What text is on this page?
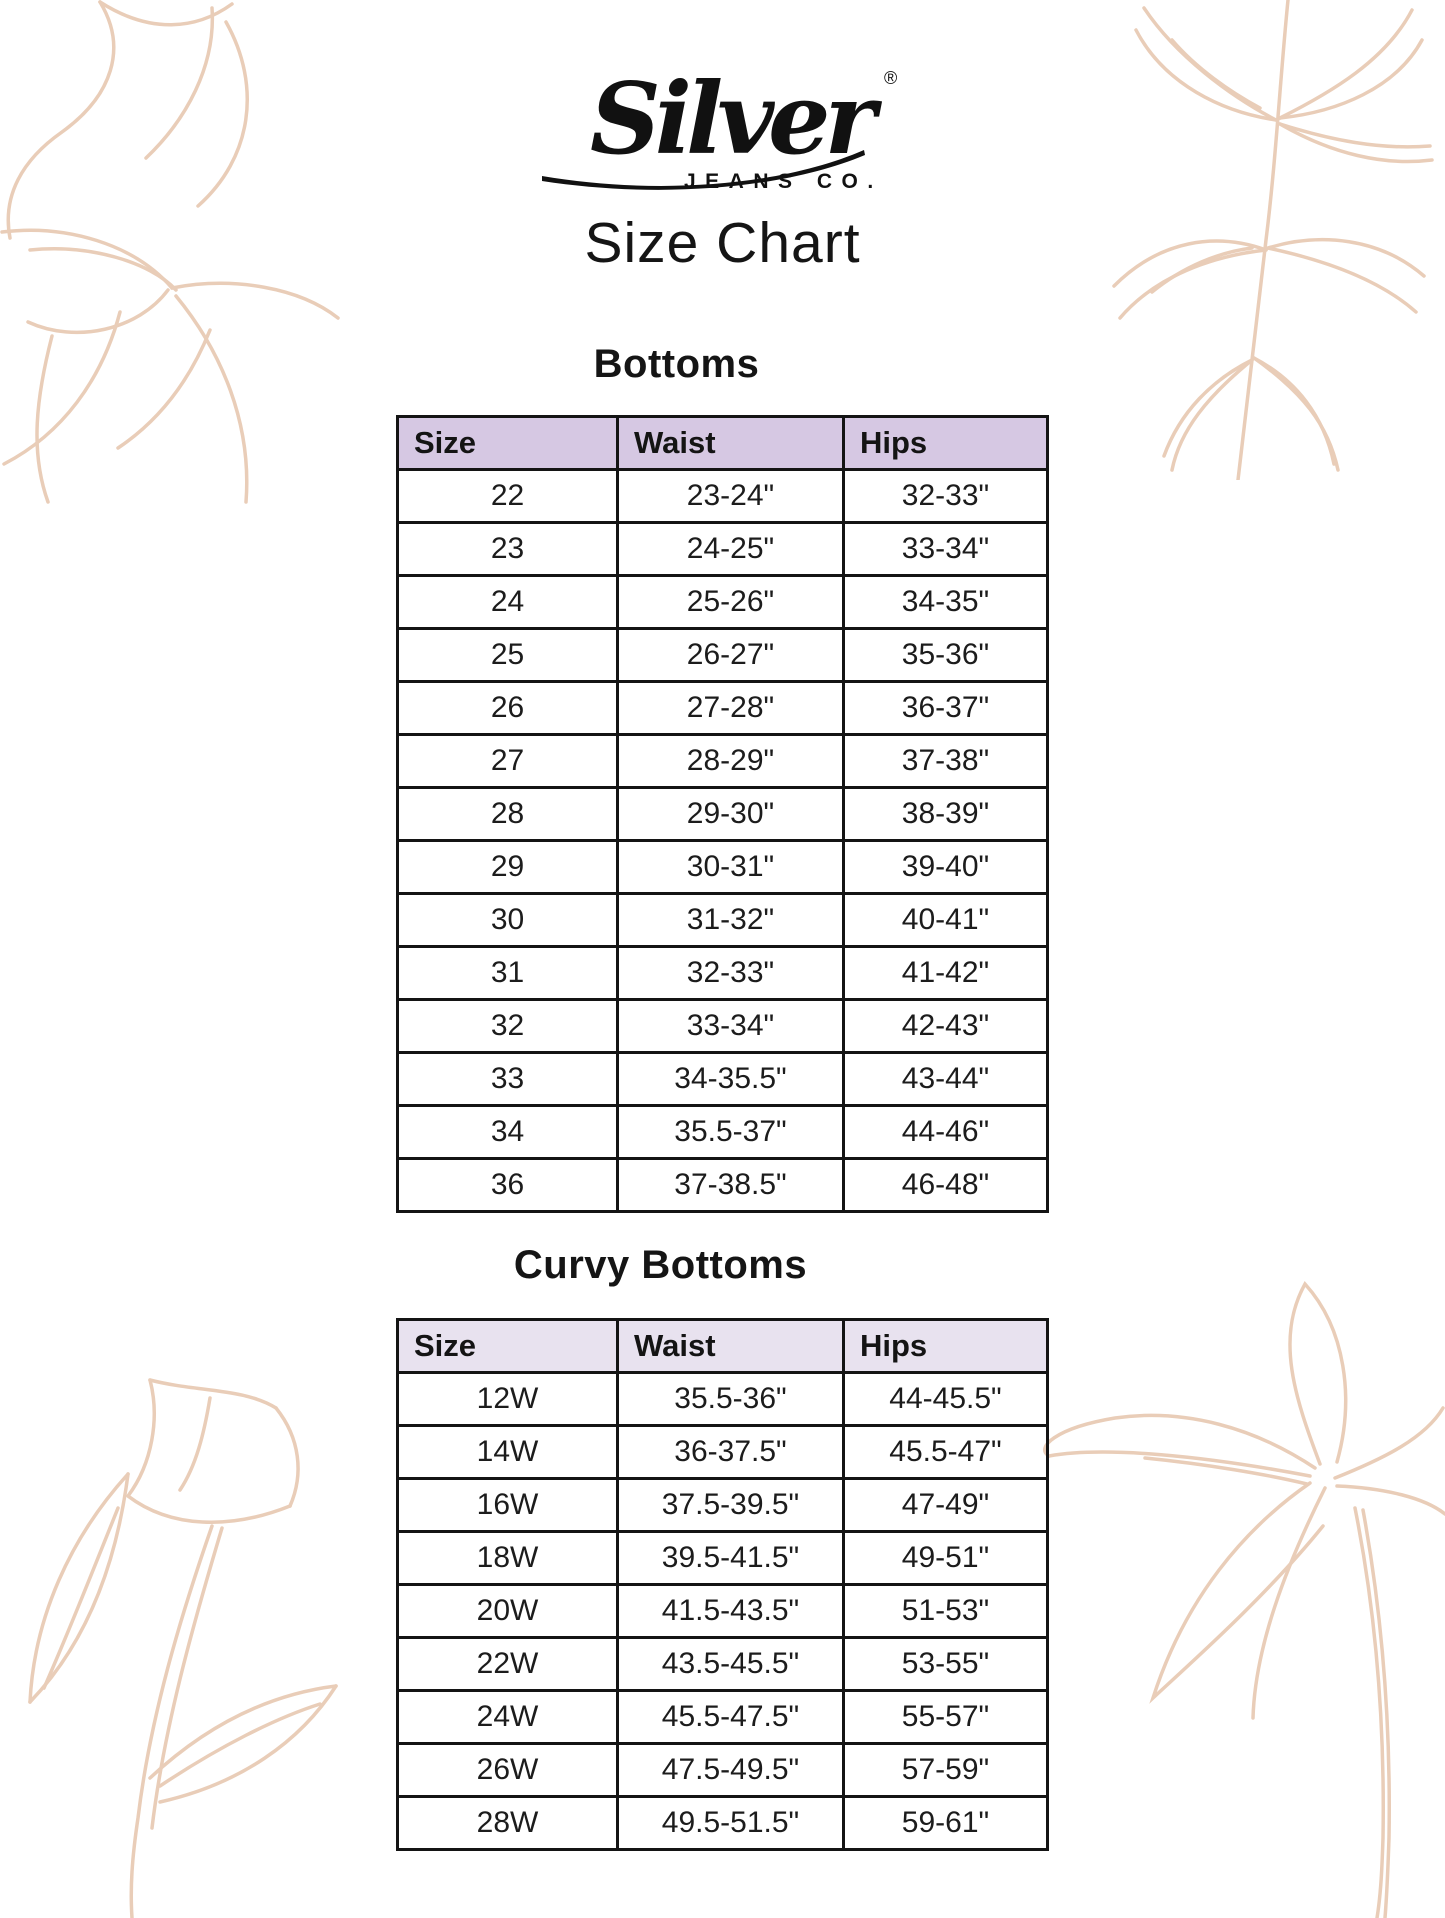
Silver ®
JEANS CO.
Size Chart
Bottoms
Size	Waist	Hips
22	23-24"	32-33"
23	24-25"	33-34"
24	25-26"	34-35"
25	26-27"	35-36"
26	27-28"	36-37"
27	28-29"	37-38"
28	29-30"	38-39"
29	30-31"	39-40"
30	31-32"	40-41"
31	32-33"	41-42"
32	33-34"	42-43"
33	34-35.5"	43-44"
34	35.5-37"	44-46"
36	37-38.5"	46-48"
Curvy Bottoms
Size	Waist	Hips
12W	35.5-36"	44-45.5"
14W	36-37.5"	45.5-47"
16W	37.5-39.5"	47-49"
18W	39.5-41.5"	49-51"
20W	41.5-43.5"	51-53"
22W	43.5-45.5"	53-55"
24W	45.5-47.5"	55-57"
26W	47.5-49.5"	57-59"
28W	49.5-51.5"	59-61"
